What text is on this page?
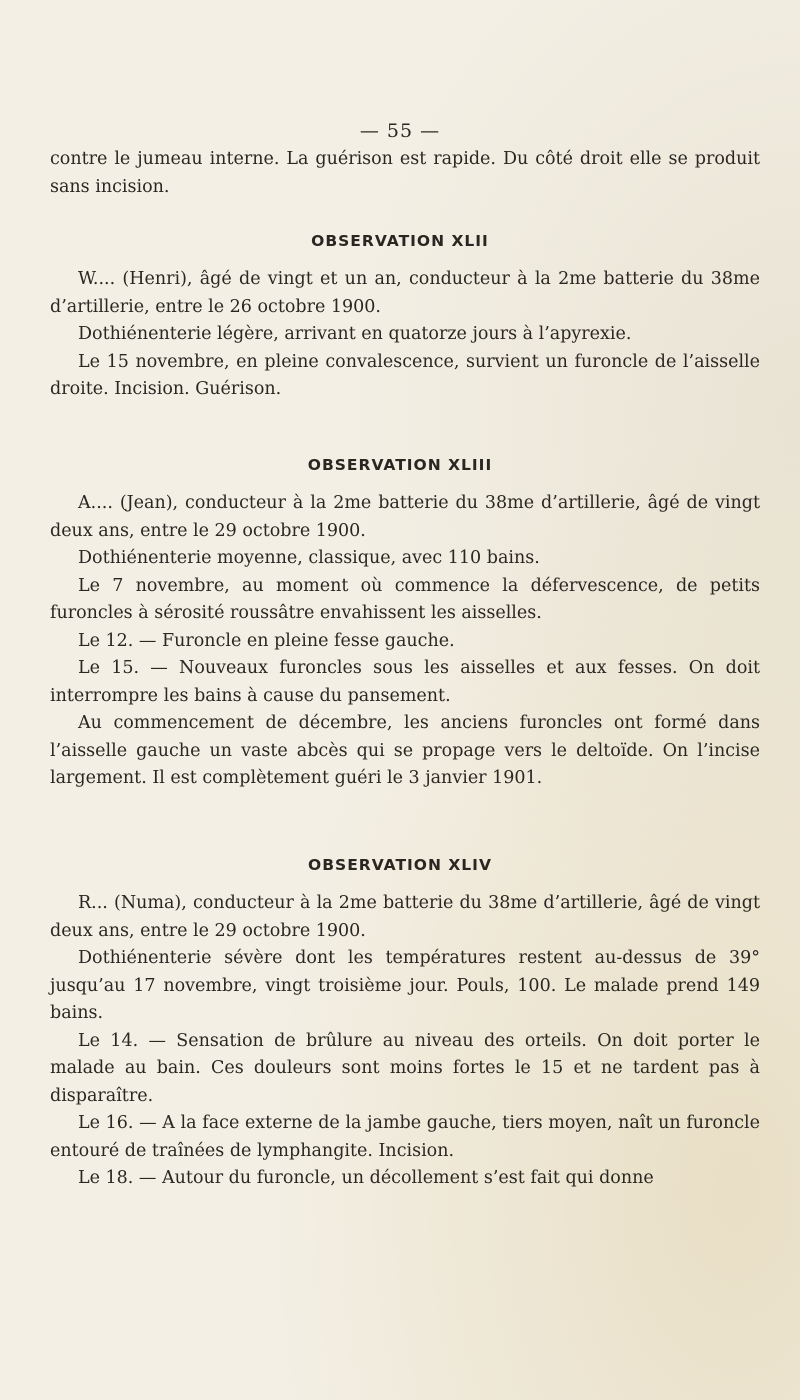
— 55 —

contre le jumeau interne. La guérison est rapide. Du côté droit elle se produit sans incision.

OBSERVATION XLII

W.... (Henri), âgé de vingt et un an, conducteur à la 2me batterie du 38me d’artillerie, entre le 26 octobre 1900.

Dothiénenterie légère, arrivant en quatorze jours à l’apyrexie.

Le 15 novembre, en pleine convalescence, survient un furoncle de l’aisselle droite. Incision. Guérison.

OBSERVATION XLIII

A.... (Jean), conducteur à la 2me batterie du 38me d’artillerie, âgé de vingt deux ans, entre le 29 octobre 1900.

Dothiénenterie moyenne, classique, avec 110 bains.

Le 7 novembre, au moment où commence la défervescence, de petits furoncles à sérosité roussâtre envahissent les aisselles.

Le 12. — Furoncle en pleine fesse gauche.

Le 15. — Nouveaux furoncles sous les aisselles et aux fesses. On doit interrompre les bains à cause du pansement.

Au commencement de décembre, les anciens furoncles ont formé dans l’aisselle gauche un vaste abcès qui se propage vers le deltoïde. On l’incise largement. Il est complètement guéri le 3 janvier 1901.

OBSERVATION XLIV

R... (Numa), conducteur à la 2me batterie du 38me d’artillerie, âgé de vingt deux ans, entre le 29 octobre 1900.

Dothiénenterie sévère dont les températures restent au-dessus de 39° jusqu’au 17 novembre, vingt troisième jour. Pouls, 100. Le malade prend 149 bains.

Le 14. — Sensation de brûlure au niveau des orteils. On doit porter le malade au bain. Ces douleurs sont moins fortes le 15 et ne tardent pas à disparaître.

Le 16. — A la face externe de la jambe gauche, tiers moyen, naît un furoncle entouré de traînées de lymphangite. Incision.

Le 18. — Autour du furoncle, un décollement s’est fait qui donne
